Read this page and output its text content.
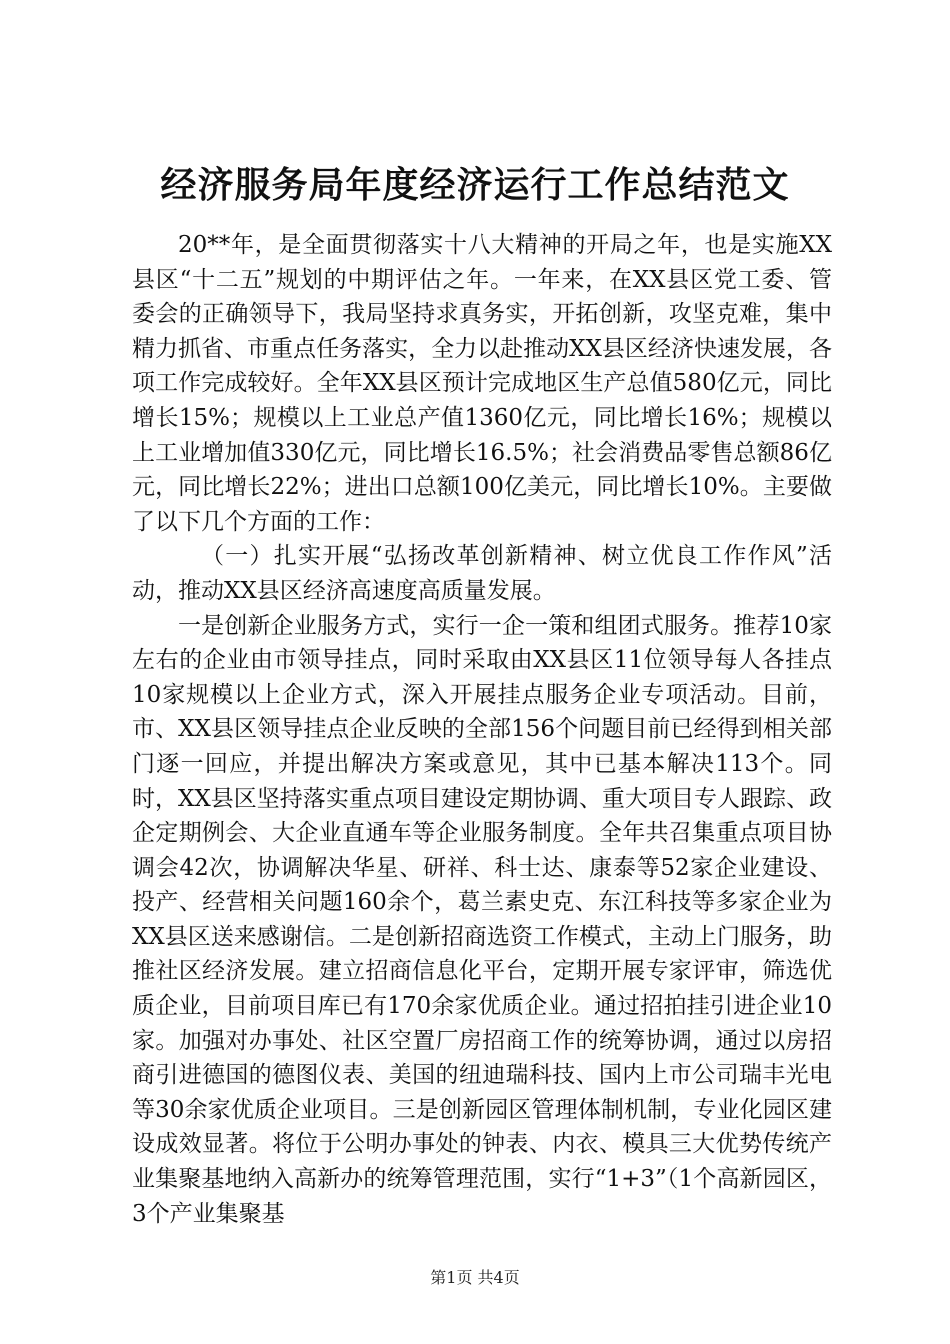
经济服务局年度经济运行工作总结范文

20**年，是全面贯彻落实十八大精神的开局之年，也是实施XX县区“十二五”规划的中期评估之年。一年来，在XX县区党工委、管委会的正确领导下，我局坚持求真务实，开拓创新，攻坚克难，集中精力抓省、市重点任务落实，全力以赴推动XX县区经济快速发展，各项工作完成较好。全年XX县区预计完成地区生产总值580亿元，同比增长15%；规模以上工业总产值1360亿元，同比增长16%；规模以上工业增加值330亿元，同比增长16.5%；社会消费品零售总额86亿元，同比增长22%；进出口总额100亿美元，同比增长10%。主要做了以下几个方面的工作：

（一）扎实开展“弘扬改革创新精神、树立优良工作作风”活动，推动XX县区经济高速度高质量发展。

一是创新企业服务方式，实行一企一策和组团式服务。推荐10家左右的企业由市领导挂点，同时采取由XX县区11位领导每人各挂点10家规模以上企业方式，深入开展挂点服务企业专项活动。目前，市、XX县区领导挂点企业反映的全部156个问题目前已经得到相关部门逐一回应，并提出解决方案或意见，其中已基本解决113个。同时，XX县区坚持落实重点项目建设定期协调、重大项目专人跟踪、政企定期例会、大企业直通车等企业服务制度。全年共召集重点项目协调会42次，协调解决华星、研祥、科士达、康泰等52家企业建设、投产、经营相关问题160余个，葛兰素史克、东江科技等多家企业为XX县区送来感谢信。二是创新招商选资工作模式，主动上门服务，助推社区经济发展。建立招商信息化平台，定期开展专家评审，筛选优质企业，目前项目库已有170余家优质企业。通过招拍挂引进企业10家。加强对办事处、社区空置厂房招商工作的统筹协调，通过以房招商引进德国的德图仪表、美国的纽迪瑞科技、国内上市公司瑞丰光电等30余家优质企业项目。三是创新园区管理体制机制，专业化园区建设成效显著。将位于公明办事处的钟表、内衣、模具三大优势传统产业集聚基地纳入高新办的统筹管理范围，实行“1+3”（1个高新园区，3个产业集聚基

第1页 共4页
